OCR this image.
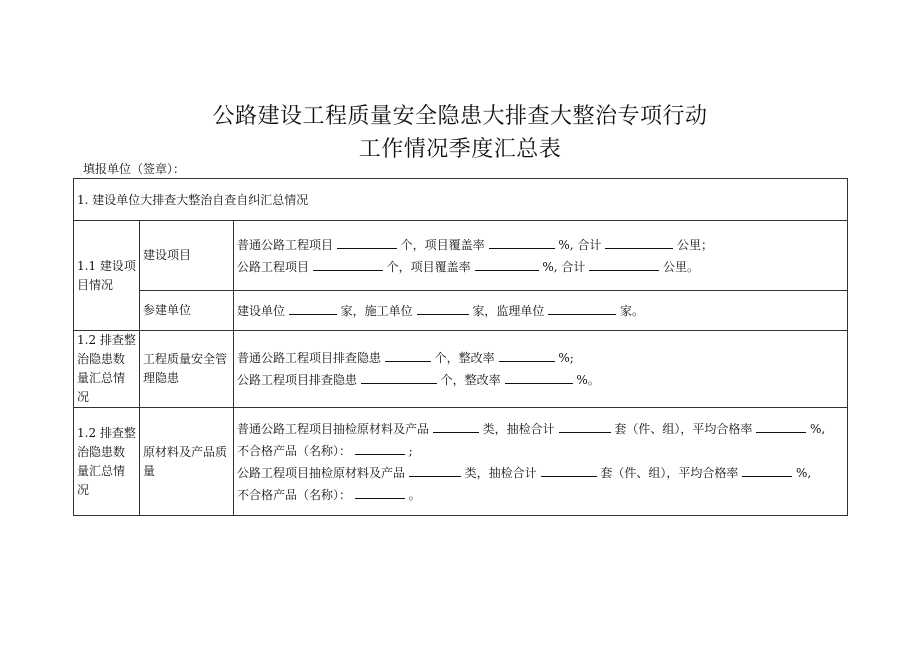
公路建设工程质量安全隐患大排查大整治专项行动
工作情况季度汇总表
填报单位（签章）：
1. 建设单位大排查大整治自查自纠汇总情况		
1.1 建设项目情况	建设项目	普通公路工程项目 个，项目覆盖率 %, 合计 公里；
公路工程项目 个，项目覆盖率 %, 合计 公里。

	参建单位	建设单位 家，施工单位 家，监理单位 家。

1.2 排查整治隐患数量汇总情况	工程质量安全管理隐患	普通公路工程项目排查隐患 个，整改率 %;
公路工程项目排查隐患 个，整改率 %。

1.2 排查整治隐患数量汇总情况	原材料及产品质量	普通公路工程项目抽检原材料及产品 类，抽检合计 套（件、组），平均合格率 %,
不合格产品（名称）： ;
公路工程项目抽检原材料及产品 类，抽检合计 套（件、组），平均合格率 %,
不合格产品（名称）： 。
